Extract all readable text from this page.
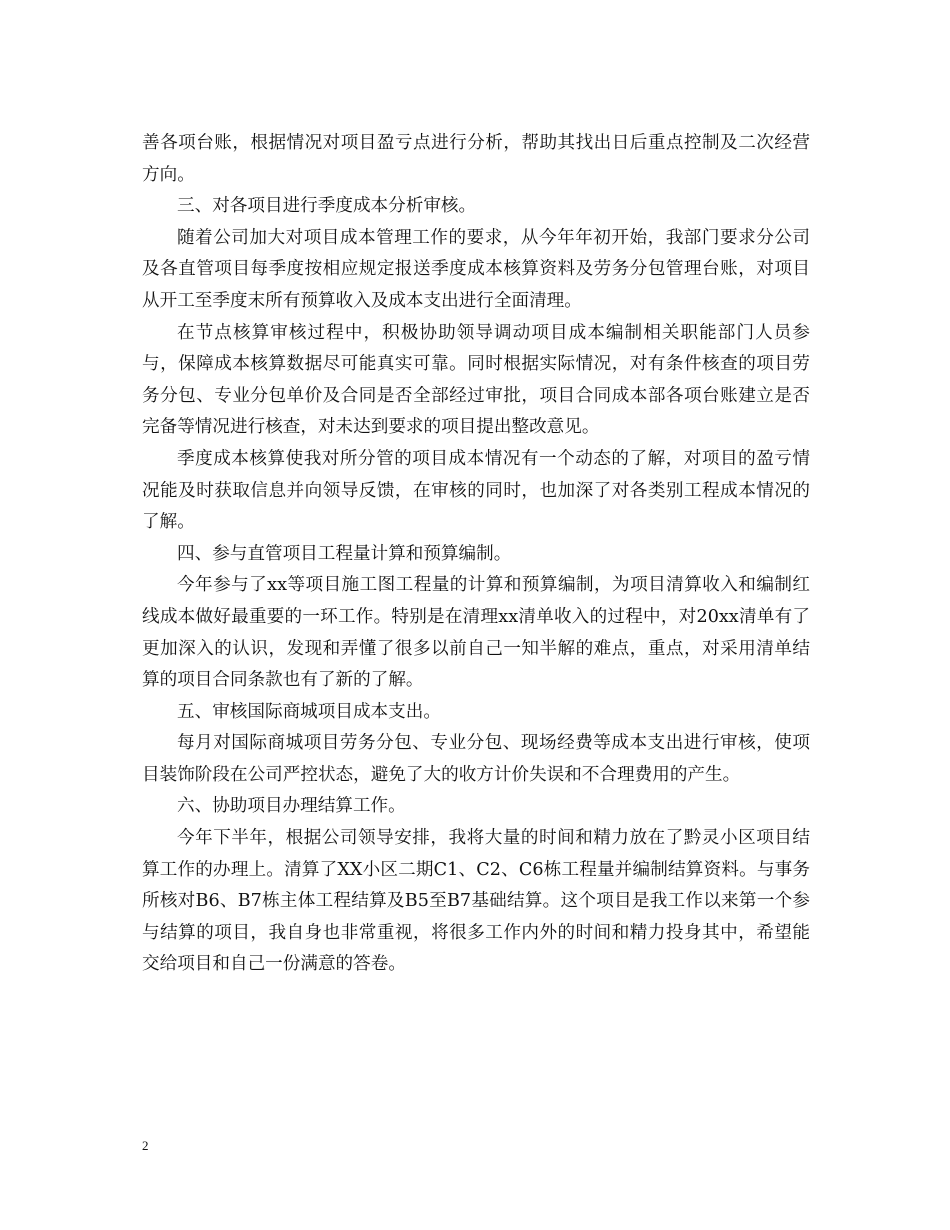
善各项台账，根据情况对项目盈亏点进行分析，帮助其找出日后重点控制及二次经营方向。

三、对各项目进行季度成本分析审核。

随着公司加大对项目成本管理工作的要求，从今年年初开始，我部门要求分公司及各直管项目每季度按相应规定报送季度成本核算资料及劳务分包管理台账，对项目从开工至季度末所有预算收入及成本支出进行全面清理。

在节点核算审核过程中，积极协助领导调动项目成本编制相关职能部门人员参与，保障成本核算数据尽可能真实可靠。同时根据实际情况，对有条件核查的项目劳务分包、专业分包单价及合同是否全部经过审批，项目合同成本部各项台账建立是否完备等情况进行核查，对未达到要求的项目提出整改意见。

季度成本核算使我对所分管的项目成本情况有一个动态的了解，对项目的盈亏情况能及时获取信息并向领导反馈，在审核的同时，也加深了对各类别工程成本情况的了解。

四、参与直管项目工程量计算和预算编制。

今年参与了xx等项目施工图工程量的计算和预算编制，为项目清算收入和编制红线成本做好最重要的一环工作。特别是在清理xx清单收入的过程中，对20xx清单有了更加深入的认识，发现和弄懂了很多以前自己一知半解的难点，重点，对采用清单结算的项目合同条款也有了新的了解。

五、审核国际商城项目成本支出。

每月对国际商城项目劳务分包、专业分包、现场经费等成本支出进行审核，使项目装饰阶段在公司严控状态，避免了大的收方计价失误和不合理费用的产生。

六、协助项目办理结算工作。

今年下半年，根据公司领导安排，我将大量的时间和精力放在了黔灵小区项目结算工作的办理上。清算了XX小区二期C1、C2、C6栋工程量并编制结算资料。与事务所核对B6、B7栋主体工程结算及B5至B7基础结算。这个项目是我工作以来第一个参与结算的项目，我自身也非常重视，将很多工作内外的时间和精力投身其中，希望能交给项目和自己一份满意的答卷。

2
